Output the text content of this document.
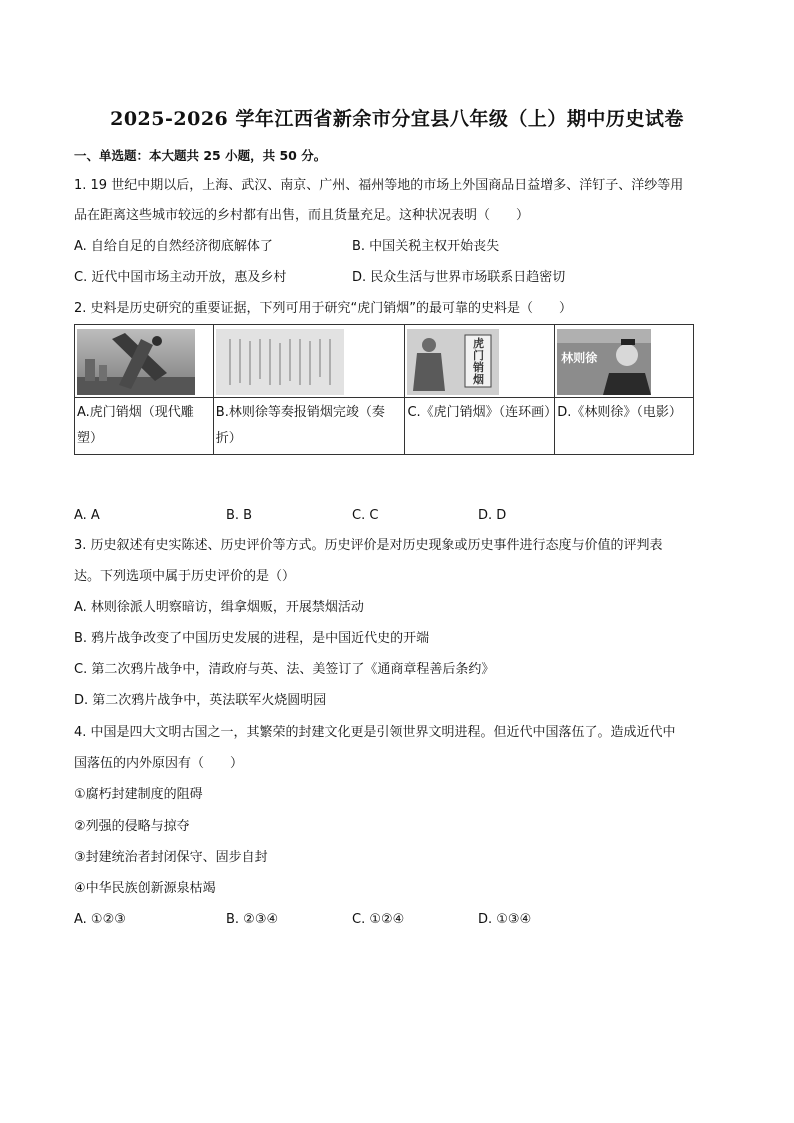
2025-2026 学年江西省新余市分宜县八年级（上）期中历史试卷
一、单选题：本大题共 25 小题，共 50 分。
1. 19 世纪中期以后，上海、武汉、南京、广州、福州等地的市场上外国商品日益增多、洋钉子、洋纱等用
品在距离这些城市较远的乡村都有出售，而且货量充足。这种状况表明（　　）
A. 自给自足的自然经济彻底解体了	B. 中国关税主权开始丧失
C. 近代中国市场主动开放，惠及乡村	D. 民众生活与世界市场联系日趋密切
2. 史料是历史研究的重要证据，下列可用于研究“虎门销烟”的最可靠的史料是（　　）

虎门销烟	林则徐

A.虎门销烟（现代雕塑）	B.林则徐等奏报销烟完竣（奏折）	C.《虎门销烟》（连环画）	D.《林则徐》（电影）
A. A	B. B	C. C	D. D
3. 历史叙述有史实陈述、历史评价等方式。历史评价是对历史现象或历史事件进行态度与价值的评判表
达。下列选项中属于历史评价的是（）
A. 林则徐派人明察暗访，缉拿烟贩，开展禁烟活动
B. 鸦片战争改变了中国历史发展的进程，是中国近代史的开端
C. 第二次鸦片战争中，清政府与英、法、美签订了《通商章程善后条约》
D. 第二次鸦片战争中，英法联军火烧圆明园
4. 中国是四大文明古国之一，其繁荣的封建文化更是引领世界文明进程。但近代中国落伍了。造成近代中
国落伍的内外原因有（　　）
①腐朽封建制度的阻碍
②列强的侵略与掠夺
③封建统治者封闭保守、固步自封
④中华民族创新源泉枯竭
A. ①②③	B. ②③④	C. ①②④	D. ①③④
